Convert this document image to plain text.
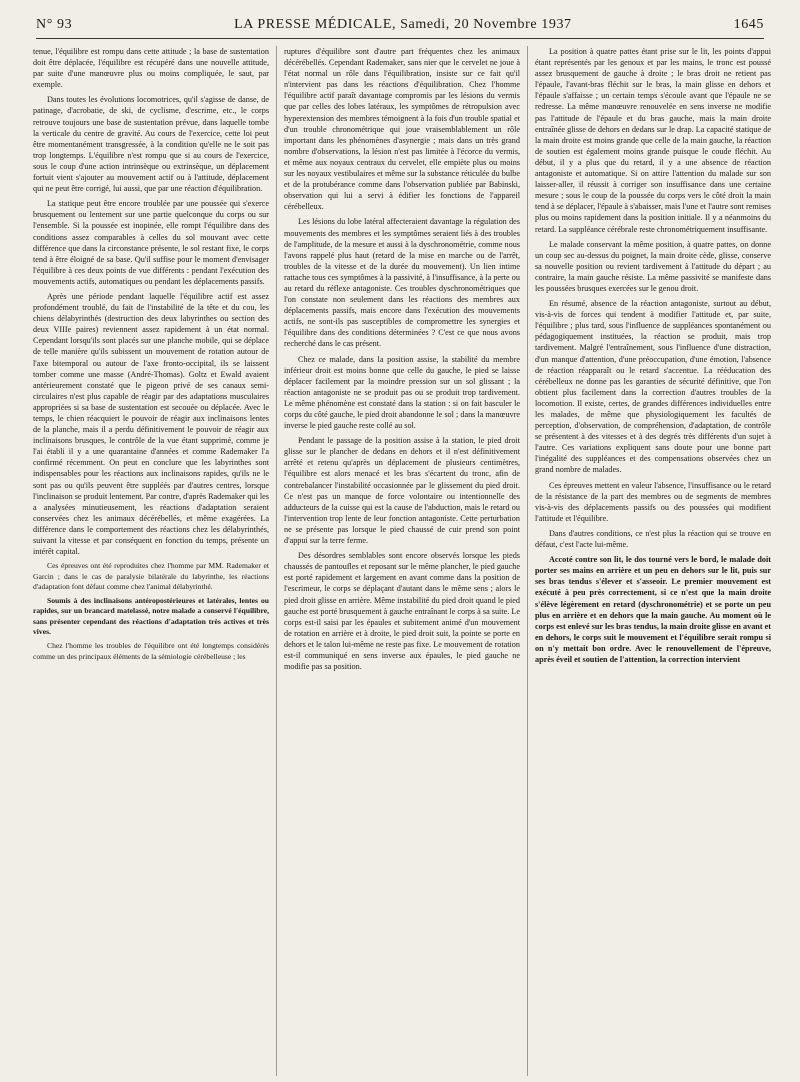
N° 93	LA PRESSE MÉDICALE, Samedi, 20 Novembre 1937	1645

tenue, l'équilibre est rompu dans cette attitude ; la base de sustentation doit être déplacée, l'équilibre est récupéré dans une nouvelle attitude, par suite d'une manœuvre plus ou moins compliquée, le saut, par exemple.

Dans toutes les évolutions locomotrices, qu'il s'agisse de danse, de patinage, d'acrobatie, de ski, de cyclisme, d'escrime, etc., le corps retrouve toujours une base de sustentation prévue, dans laquelle tombe la verticale du centre de gravité. Au cours de l'exercice, cette loi peut être momentanément transgressée, à la condition qu'elle ne le soit pas trop longtemps. L'équilibre n'est rompu que si au cours de l'exercice, sous le coup d'une action intrinsèque ou extrinsèque, un déplacement fortuit vient s'ajouter au mouvement actif ou à l'attitude, déplacement qui ne peut être corrigé, lui aussi, que par une réaction d'équilibration.

La statique peut être encore troublée par une poussée qui s'exerce brusquement ou lentement sur une partie quelconque du corps ou sur l'ensemble. Si la poussée est inopinée, elle rompt l'équilibre dans des conditions assez comparables à celles du sol mouvant avec cette différence que dans la circonstance présente, le sol restant fixe, le corps tend à être éloigné de sa base. Qu'il suffise pour le moment d'envisager l'équilibre à ces deux points de vue différents : pendant l'exécution des mouvements actifs, automatiques ou pendant les déplacements passifs.

Après une période pendant laquelle l'équilibre actif est assez profondément troublé, du fait de l'instabilité de la tête et du cou, les chiens délabyrinthés (destruction des deux labyrinthes ou section des deux VIIIe paires) reviennent assez rapidement à un état normal. Cependant lorsqu'ils sont placés sur une planche mobile, qui se déplace de telle manière qu'ils subissent un mouvement de rotation autour de l'axe bitemporal ou autour de l'axe fronto-occipital, ils se laissent tomber comme une masse (André-Thomas). Goltz et Ewald avaient antérieurement constaté que le pigeon privé de ses canaux semi-circulaires n'est plus capable de réagir par des adaptations musculaires appropriées si sa base de sustentation est secouée ou déplacée. Avec le temps, le chien réacquiert le pouvoir de réagir aux inclinaisons lentes de la planche, mais il a perdu définitivement le pouvoir de réagir aux inclinaisons brusques, le contrôle de la vue étant supprimé, comme je l'ai établi il y a une quarantaine d'années et comme Rademaker l'a confirmé récemment. On peut en conclure que les labyrinthes sont indispensables pour les réactions aux inclinaisons rapides, qu'ils ne le sont pas ou qu'ils peuvent être suppléés par d'autres centres, lorsque l'inclinaison se produit lentement. Par contre, d'après Rademaker qui les a analysées minutieusement, les réactions d'adaptation seraient conservées chez les animaux décérébellés, et même exagérées. La différence dans le comportement des réactions chez les délabyrinthés, suivant la vitesse et par conséquent en fonction du temps, présente un intérêt capital.

Ces épreuves ont été reproduites chez l'homme par MM. Rademaker et Garcin ; dans le cas de paralysie bilatérale du labyrinthe, les réactions d'adaptation font défaut comme chez l'animal délabyrinthé.

Soumis à des inclinaisons antéropostérieures et latérales, lentes ou rapides, sur un brancard matelassé, notre malade a conservé l'équilibre, sans présenter cependant des réactions d'adaptation très actives et très vives.

Chez l'homme les troubles de l'équilibre ont été longtemps considérés comme un des principaux éléments de la sémiologie cérébelleuse ; les

ruptures d'équilibre sont d'autre part fréquentes chez les animaux décérébellés. Cependant Rademaker, sans nier que le cervelet ne joue à l'état normal un rôle dans l'équilibration, insiste sur ce fait qu'il n'intervient pas dans les réactions d'équilibration. Chez l'homme l'équilibre actif paraît davantage compromis par les lésions du vermis que par celles des lobes latéraux, les symptômes de rétropulsion avec hyperextension des membres témoignent à la fois d'un trouble spatial et d'un trouble chronométrique qui joue vraisemblablement un rôle important dans les phénomènes d'asynergie ; mais dans un très grand nombre d'observations, la lésion n'est pas limitée à l'écorce du vermis, et même aux noyaux centraux du cervelet, elle empiète plus ou moins sur les noyaux vestibulaires et même sur la substance réticulée du bulbe et de la protubérance comme dans l'observation publiée par Babinski, observation qui lui a servi à édifier les fonctions de l'appareil cérébelleux.

Les lésions du lobe latéral affecteraient davantage la régulation des mouvements des membres et les symptômes seraient liés à des troubles de l'amplitude, de la mesure et aussi à la dyschronométrie, comme nous l'avons rappelé plus haut (retard de la mise en marche ou de l'arrêt, troubles de la vitesse et de la durée du mouvement). Un lien intime rattache tous ces symptômes à la passivité, à l'insuffisance, à la perte ou au retard du réflexe antagoniste. Ces troubles dyschronométriques que l'on constate non seulement dans les réactions des membres aux déplacements passifs, mais encore dans l'exécution des mouvements actifs, ne sont-ils pas susceptibles de compromettre les synergies et l'équilibre dans des conditions déterminées ? C'est ce que nous avons recherché dans le cas présent.

Chez ce malade, dans la position assise, la stabilité du membre inférieur droit est moins bonne que celle du gauche, le pied se laisse déplacer facilement par la moindre pression sur un sol glissant ; la réaction antagoniste ne se produit pas ou se produit trop tardivement. Le même phénomène est constaté dans la station : si on fait basculer le corps du côté gauche, le pied droit abandonne le sol ; dans la manœuvre inverse le pied gauche reste collé au sol.

Pendant le passage de la position assise à la station, le pied droit glisse sur le plancher de dedans en dehors et il n'est définitivement arrêté et retenu qu'après un déplacement de plusieurs centimètres, l'équilibre est alors menacé et les bras s'écartent du tronc, afin de contrebalancer l'instabilité occasionnée par le glissement du pied droit. Ce n'est pas un manque de force volontaire ou intentionnelle des adducteurs de la cuisse qui est la cause de l'abduction, mais le retard ou l'intervention trop lente de leur fonction antagoniste. Cette perturbation ne se présente pas lorsque le pied chaussé de cuir prend son point d'appui sur la terre ferme.

Des désordres semblables sont encore observés lorsque les pieds chaussés de pantoufles et reposant sur le même plancher, le pied gauche est porté rapidement et largement en avant comme dans la position de l'escrimeur, le corps se déplaçant d'autant dans le même sens ; alors le pied droit glisse en arrière. Même instabilité du pied droit quand le pied gauche est porté brusquement à gauche entraînant le corps à sa suite. Le corps est-il saisi par les épaules et subitement animé d'un mouvement de rotation en arrière et à droite, le pied droit suit, la pointe se porte en dehors et le talon lui-même ne reste pas fixe. Le mouvement de rotation est-il communiqué en sens inverse aux épaules, le pied gauche ne modifie pas sa position.

La position à quatre pattes étant prise sur le lit, les points d'appui étant représentés par les genoux et par les mains, le tronc est poussé assez brusquement de gauche à droite ; le bras droit ne retient pas l'épaule, l'avant-bras fléchit sur le bras, la main glisse en dehors et l'épaule s'affaisse ; un certain temps s'écoule avant que l'épaule ne se redresse. La même manœuvre renouvelée en sens inverse ne modifie pas l'attitude de l'épaule et du bras gauche, mais la main droite entraînée glisse de dehors en dedans sur le drap. La capacité statique de la main droite est moins grande que celle de la main gauche, la réaction de soutien est également moins grande puisque le coude fléchit. Au début, il y a plus que du retard, il y a une absence de réaction antagoniste et automatique. Si on attire l'attention du malade sur son laisser-aller, il réussit à corriger son insuffisance dans une certaine mesure ; sous le coup de la poussée du corps vers le côté droit la main tend à se déplacer, l'épaule à s'abaisser, mais l'une et l'autre sont remises plus ou moins rapidement dans la position initiale. Il y a néanmoins du retard. La suppléance cérébrale reste chronométriquement insuffisante.

Le malade conservant la même position, à quatre pattes, on donne un coup sec au-dessus du poignet, la main droite cède, glisse, conserve sa nouvelle position ou revient tardivement à l'attitude du départ ; au contraire, la main gauche résiste. La même passivité se manifeste dans les poussées brusques exercées sur le genou droit.

En résumé, absence de la réaction antagoniste, surtout au début, vis-à-vis de forces qui tendent à modifier l'attitude et, par suite, l'équilibre ; plus tard, sous l'influence de suppléances spontanément ou pédagogiquement instituées, la réaction se produit, mais trop tardivement. Malgré l'entraînement, sous l'influence d'une distraction, d'un manque d'attention, d'une préoccupation, d'une émotion, l'absence de réaction réapparaît ou le retard s'accentue. La rééducation des cérébelleux ne donne pas les garanties de sécurité définitive, que l'on obtient plus facilement dans la correction d'autres troubles de la locomotion. Il existe, certes, de grandes différences individuelles entre les malades, de même que physiologiquement les facultés de perception, d'observation, de compréhension, d'adaptation, de contrôle se présentent à des vitesses et à des degrés très différents d'un sujet à l'autre. Ces variations expliquent sans doute pour une bonne part l'inégalité des suppléances et des compensations observées chez un grand nombre de malades.

Ces épreuves mettent en valeur l'absence, l'insuffisance ou le retard de la résistance de la part des membres ou de segments de membres vis-à-vis des déplacements passifs ou des poussées qui modifient l'attitude et l'équilibre.

Dans d'autres conditions, ce n'est plus la réaction qui se trouve en défaut, c'est l'acte lui-même.

Accoté contre son lit, le dos tourné vers le bord, le malade doit porter ses mains en arrière et un peu en dehors sur le lit, puis sur ses bras tendus s'élever et s'asseoir. Le premier mouvement est exécuté à peu près correctement, si ce n'est que la main droite s'élève légèrement en retard (dyschronométrie) et se porte un peu plus en arrière et en dehors que la main gauche. Au moment où le corps est enlevé sur les bras tendus, la main droite glisse en avant et en dehors, le corps suit le mouvement et l'équilibre serait rompu si on n'y mettait bon ordre. Avec le renouvellement de l'épreuve, après éveil et soutien de l'attention, la correction intervient
